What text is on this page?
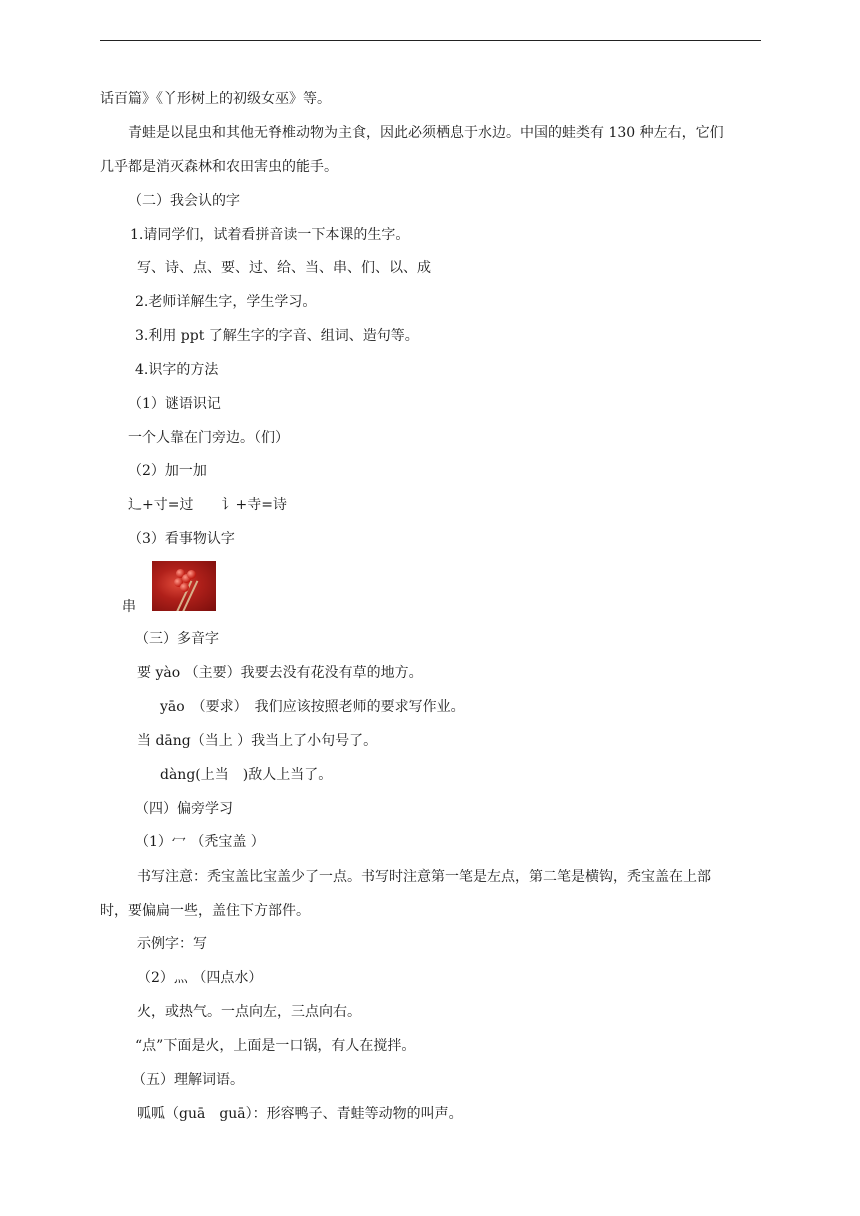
话百篇》《丫形树上的初级女巫》等。
青蛙是以昆虫和其他无脊椎动物为主食，因此必须栖息于水边。中国的蛙类有 130 种左右，它们
几乎都是消灭森林和农田害虫的能手。
（二）我会认的字
1.请同学们，试着看拼音读一下本课的生字。
写、诗、点、要、过、给、当、串、们、以、成
2.老师详解生字，学生学习。
3.利用 ppt 了解生字的字音、组词、造句等。
4.识字的方法
（1）谜语识记
一个人靠在门旁边。（们）
（2）加一加
辶+寸=过　　讠+寺=诗
（3）看事物认字
串
（三）多音字
要 yào （主要）我要去没有花没有草的地方。
yāo　（要求）　我们应该按照老师的要求写作业。
当 dāng（当上 ）我当上了小句号了。
dàng(上当　)敌人上当了。
（四）偏旁学习
（1）冖 （秃宝盖 ）
书写注意：秃宝盖比宝盖少了一点。书写时注意第一笔是左点，第二笔是横钩，秃宝盖在上部
时，要偏扁一些，盖住下方部件。
示例字：写
（2）灬 （四点水）
火，或热气。一点向左，三点向右。
“点”下面是火，上面是一口锅，有人在搅拌。
（五）理解词语。
呱呱（guā　guā）：形容鸭子、青蛙等动物的叫声。
